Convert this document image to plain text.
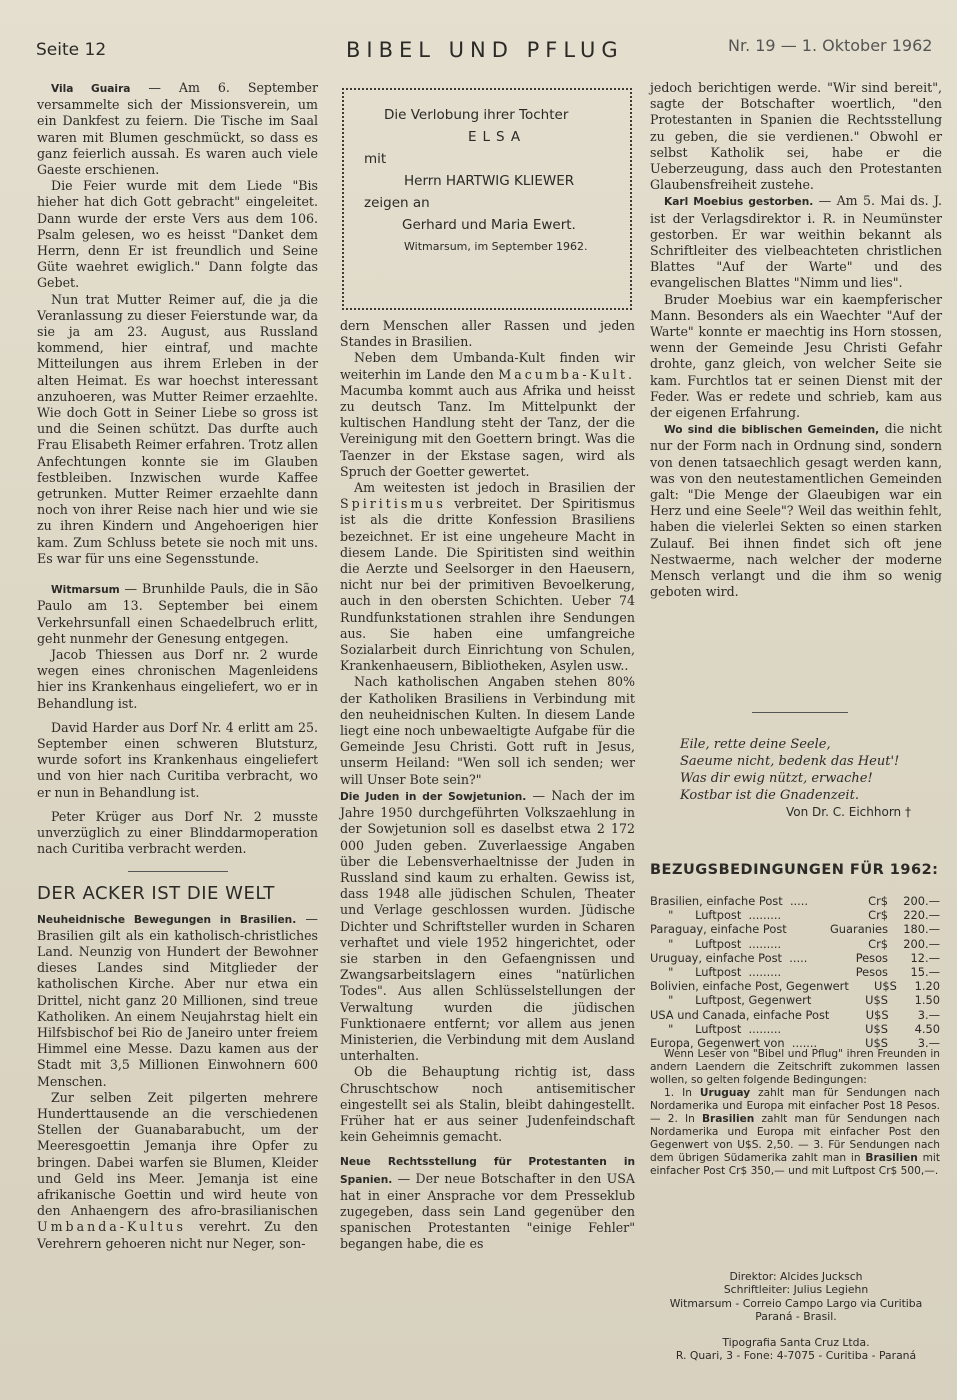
Seite 12	BIBEL UND PFLUG	Nr. 19 — 1. Oktober 1962

Vila Guaira — Am 6. September versammelte sich der Missionsverein, um ein Dankfest zu feiern. Die Tische im Saal waren mit Blumen geschmückt, so dass es ganz feierlich aussah. Es waren auch viele Gaeste erschienen.

Die Feier wurde mit dem Liede "Bis hieher hat dich Gott gebracht" eingeleitet. Dann wurde der erste Vers aus dem 106. Psalm gelesen, wo es heisst "Danket dem Herrn, denn Er ist freundlich und Seine Güte waehret ewiglich." Dann folgte das Gebet.

Nun trat Mutter Reimer auf, die ja die Veranlassung zu dieser Feierstunde war, da sie ja am 23. August, aus Russland kommend, hier eintraf, und machte Mitteilungen aus ihrem Erleben in der alten Heimat. Es war hoechst interessant anzuhoeren, was Mutter Reimer erzaehlte. Wie doch Gott in Seiner Liebe so gross ist und die Seinen schützt. Das durfte auch Frau Elisabeth Reimer erfahren. Trotz allen Anfechtungen konnte sie im Glauben festbleiben. Inzwischen wurde Kaffee getrunken. Mutter Reimer erzaehlte dann noch von ihrer Reise nach hier und wie sie zu ihren Kindern und Angehoerigen hier kam. Zum Schluss betete sie noch mit uns. Es war für uns eine Segensstunde.

Witmarsum — Brunhilde Pauls, die in São Paulo am 13. September bei einem Verkehrsunfall einen Schaedelbruch erlitt, geht nunmehr der Genesung entgegen.

Jacob Thiessen aus Dorf nr. 2 wurde wegen eines chronischen Magenleidens hier ins Krankenhaus eingeliefert, wo er in Behandlung ist.

David Harder aus Dorf Nr. 4 erlitt am 25. September einen schweren Blutsturz, wurde sofort ins Krankenhaus eingeliefert und von hier nach Curitiba verbracht, wo er nun in Behandlung ist.

Peter Krüger aus Dorf Nr. 2 musste unverzüglich zu einer Blinddarmoperation nach Curitiba verbracht werden.

DER ACKER IST DIE WELT

Neuheidnische Bewegungen in Brasilien. — Brasilien gilt als ein katholisch-christliches Land. Neunzig von Hundert der Bewohner dieses Landes sind Mitglieder der katholischen Kirche. Aber nur etwa ein Drittel, nicht ganz 20 Millionen, sind treue Katholiken. An einem Neujahrstag hielt ein Hilfsbischof bei Rio de Janeiro unter freiem Himmel eine Messe. Dazu kamen aus der Stadt mit 3,5 Millionen Einwohnern 600 Menschen.

Zur selben Zeit pilgerten mehrere Hunderttausende an die verschiedenen Stellen der Guanabarabucht, um der Meeresgoettin Jemanja ihre Opfer zu bringen. Dabei warfen sie Blumen, Kleider und Geld ins Meer. Jemanja ist eine afrikanische Goettin und wird heute von den Anhaengern des afro-brasilianischen Umbanda-Kultus verehrt. Zu den Verehrern gehoeren nicht nur Neger, son-

Die Verlobung ihrer Tochter
ELSA
mit
Herrn HARTWIG KLIEWER
zeigen an
Gerhard und Maria Ewert.
Witmarsum, im September 1962.

dern Menschen aller Rassen und jeden Standes in Brasilien.

Neben dem Umbanda-Kult finden wir weiterhin im Lande den Macumba-Kult. Macumba kommt auch aus Afrika und heisst zu deutsch Tanz. Im Mittelpunkt der kultischen Handlung steht der Tanz, der die Vereinigung mit den Goettern bringt. Was die Taenzer in der Ekstase sagen, wird als Spruch der Goetter gewertet.

Am weitesten ist jedoch in Brasilien der Spiritismus verbreitet. Der Spiritismus ist als die dritte Konfession Brasiliens bezeichnet. Er ist eine ungeheure Macht in diesem Lande. Die Spiritisten sind weithin die Aerzte und Seelsorger in den Haeusern, nicht nur bei der primitiven Bevoelkerung, auch in den obersten Schichten. Ueber 74 Rundfunkstationen strahlen ihre Sendungen aus. Sie haben eine umfangreiche Sozialarbeit durch Einrichtung von Schulen, Krankenhaeusern, Bibliotheken, Asylen usw..

Nach katholischen Angaben stehen 80% der Katholiken Brasiliens in Verbindung mit den neuheidnischen Kulten. In diesem Lande liegt eine noch unbewaeltigte Aufgabe für die Gemeinde Jesu Christi. Gott ruft in Jesus, unserm Heiland: "Wen soll ich senden; wer will Unser Bote sein?"

Die Juden in der Sowjetunion. — Nach der im Jahre 1950 durchgeführten Volkszaehlung in der Sowjetunion soll es daselbst etwa 2 172 000 Juden geben. Zuverlaessige Angaben über die Lebensverhaeltnisse der Juden in Russland sind kaum zu erhalten. Gewiss ist, dass 1948 alle jüdischen Schulen, Theater und Verlage geschlossen wurden. Jüdische Dichter und Schriftsteller wurden in Scharen verhaftet und viele 1952 hingerichtet, oder sie starben in den Gefaengnissen und Zwangsarbeitslagern eines "natürlichen Todes". Aus allen Schlüsselstellungen der Verwaltung wurden die jüdischen Funktionaere entfernt; vor allem aus jenen Ministerien, die Verbindung mit dem Ausland unterhalten.

Ob die Behauptung richtig ist, dass Chruschtschow noch antisemitischer eingestellt sei als Stalin, bleibt dahingestellt. Früher hat er aus seiner Judenfeindschaft kein Geheimnis gemacht.

Neue Rechtsstellung für Protestanten in Spanien. — Der neue Botschafter in den USA hat in einer Ansprache vor dem Presseklub zugegeben, dass sein Land gegenüber den spanischen Protestanten "einige Fehler" begangen habe, die es

jedoch berichtigen werde. "Wir sind bereit", sagte der Botschafter woertlich, "den Protestanten in Spanien die Rechtsstellung zu geben, die sie verdienen." Obwohl er selbst Katholik sei, habe er die Ueberzeugung, dass auch den Protestanten Glaubensfreiheit zustehe.

Karl Moebius gestorben. — Am 5. Mai ds. J. ist der Verlagsdirektor i. R. in Neumünster gestorben. Er war weithin bekannt als Schriftleiter des vielbeachteten christlichen Blattes "Auf der Warte" und des evangelischen Blattes "Nimm und lies".

Bruder Moebius war ein kaempferischer Mann. Besonders als ein Waechter "Auf der Warte" konnte er maechtig ins Horn stossen, wenn der Gemeinde Jesu Christi Gefahr drohte, ganz gleich, von welcher Seite sie kam. Furchtlos tat er seinen Dienst mit der Feder. Was er redete und schrieb, kam aus der eigenen Erfahrung.

Wo sind die biblischen Gemeinden, die nicht nur der Form nach in Ordnung sind, sondern von denen tatsaechlich gesagt werden kann, was von den neutestamentlichen Gemeinden galt: "Die Menge der Glaeubigen war ein Herz und eine Seele"? Weil das weithin fehlt, haben die vielerlei Sekten so einen starken Zulauf. Bei ihnen findet sich oft jene Nestwaerme, nach welcher der moderne Mensch verlangt und die ihm so wenig geboten wird.

Eile, rette deine Seele,
Saeume nicht, bedenk das Heut'!
Was dir ewig nützt, erwache!
Kostbar ist die Gnadenzeit.
Von Dr. C. Eichhorn †
BEZUGSBEDINGUNGEN FÜR 1962:
Brasilien, einfache Post  .....	Cr$	200.—
"      Luftpost  .........	Cr$	220.—
Paraguay, einfache Post	Guaranies	180.—
"      Luftpost  .........	Cr$	200.—
Uruguay, einfache Post  .....	Pesos	12.—
"      Luftpost  .........	Pesos	15.—
Bolivien, einfache Post, Gegenwert	U$S	1.20
"      Luftpost, Gegenwert	U$S	1.50
USA und Canada, einfache Post	U$S	3.—
"      Luftpost  .........	U$S	4.50
Europa, Gegenwert von  .......	U$S	3.—

Wenn Leser von "Bibel und Pflug" ihren Freunden in andern Laendern die Zeitschrift zukommen lassen wollen, so gelten folgende Bedingungen:

1. In Uruguay zahlt man für Sendungen nach Nordamerika und Europa mit einfacher Post 18 Pesos. — 2. In Brasilien zahlt man für Sendungen nach Nordamerika und Europa mit einfacher Post den Gegenwert von U$S. 2,50. — 3. Für Sendungen nach dem übrigen Südamerika zahlt man in Brasilien mit einfacher Post Cr$ 350,— und mit Luftpost Cr$ 500,—.

Direktor: Alcides Jucksch
Schriftleiter: Julius Legiehn
Witmarsum - Correio Campo Largo via Curitiba
Paraná - Brasil.
Tipografia Santa Cruz Ltda.
R. Quari, 3 - Fone: 4-7075 - Curitiba - Paraná
